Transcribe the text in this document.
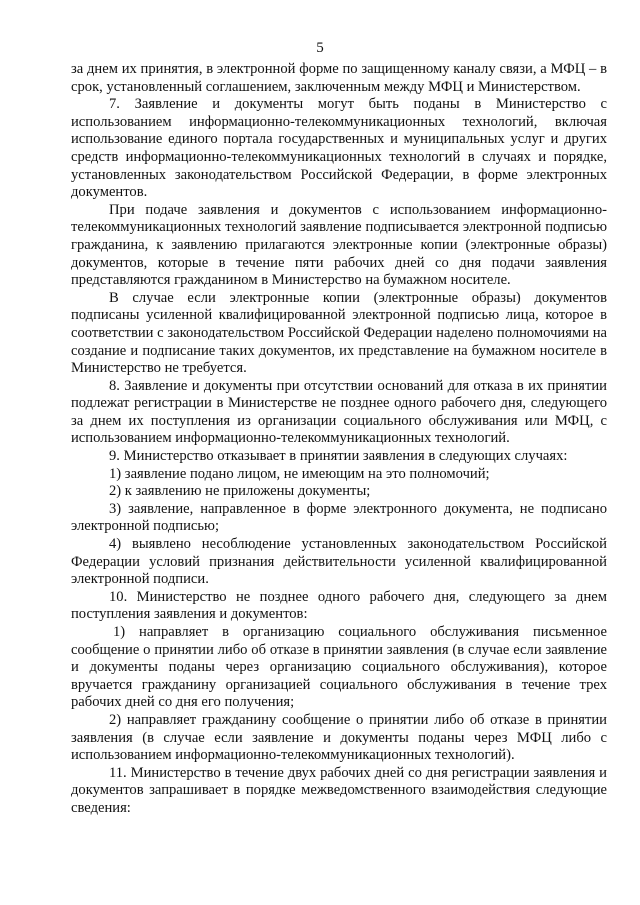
5

за днем их принятия, в электронной форме по защищенному каналу связи, а МФЦ – в срок, установленный соглашением, заключенным между МФЦ и Министерством.

7. Заявление и документы могут быть поданы в Министерство с использованием информационно-телекоммуникационных технологий, включая использование единого портала государственных и муниципальных услуг и других средств информационно-телекоммуникационных технологий в случаях и порядке, установленных законодательством Российской Федерации, в форме электронных документов.

При подаче заявления и документов с использованием информационно-телекоммуникационных технологий заявление подписывается электронной подписью гражданина, к заявлению прилагаются электронные копии (электронные образы) документов, которые в течение пяти рабочих дней со дня подачи заявления представляются гражданином в Министерство на бумажном носителе.

В случае если электронные копии (электронные образы) документов подписаны усиленной квалифицированной электронной подписью лица, которое в соответствии с законодательством Российской Федерации наделено полномочиями на создание и подписание таких документов, их представление на бумажном носителе в Министерство не требуется.

8. Заявление и документы при отсутствии оснований для отказа в их принятии подлежат регистрации в Министерстве не позднее одного рабочего дня, следующего за днем их поступления из организации социального обслуживания или МФЦ, с использованием информационно-телекоммуникационных технологий.

9. Министерство отказывает в принятии заявления в следующих случаях:

1) заявление подано лицом, не имеющим на это полномочий;

2) к заявлению не приложены документы;

3) заявление, направленное в форме электронного документа, не подписано электронной подписью;

4) выявлено несоблюдение установленных законодательством Российской Федерации условий признания действительности усиленной квалифицированной электронной подписи.

10. Министерство не позднее одного рабочего дня, следующего за днем поступления заявления и документов:

1) направляет в организацию социального обслуживания письменное сообщение о принятии либо об отказе в принятии заявления (в случае если заявление и документы поданы через организацию социального обслуживания), которое вручается гражданину организацией социального обслуживания в течение трех рабочих дней со дня его получения;

2) направляет гражданину сообщение о принятии либо об отказе в принятии заявления (в случае если заявление и документы поданы через МФЦ либо с использованием информационно-телекоммуникационных технологий).

11. Министерство в течение двух рабочих дней со дня регистрации заявления и документов запрашивает в порядке межведомственного взаимодействия следующие сведения:
